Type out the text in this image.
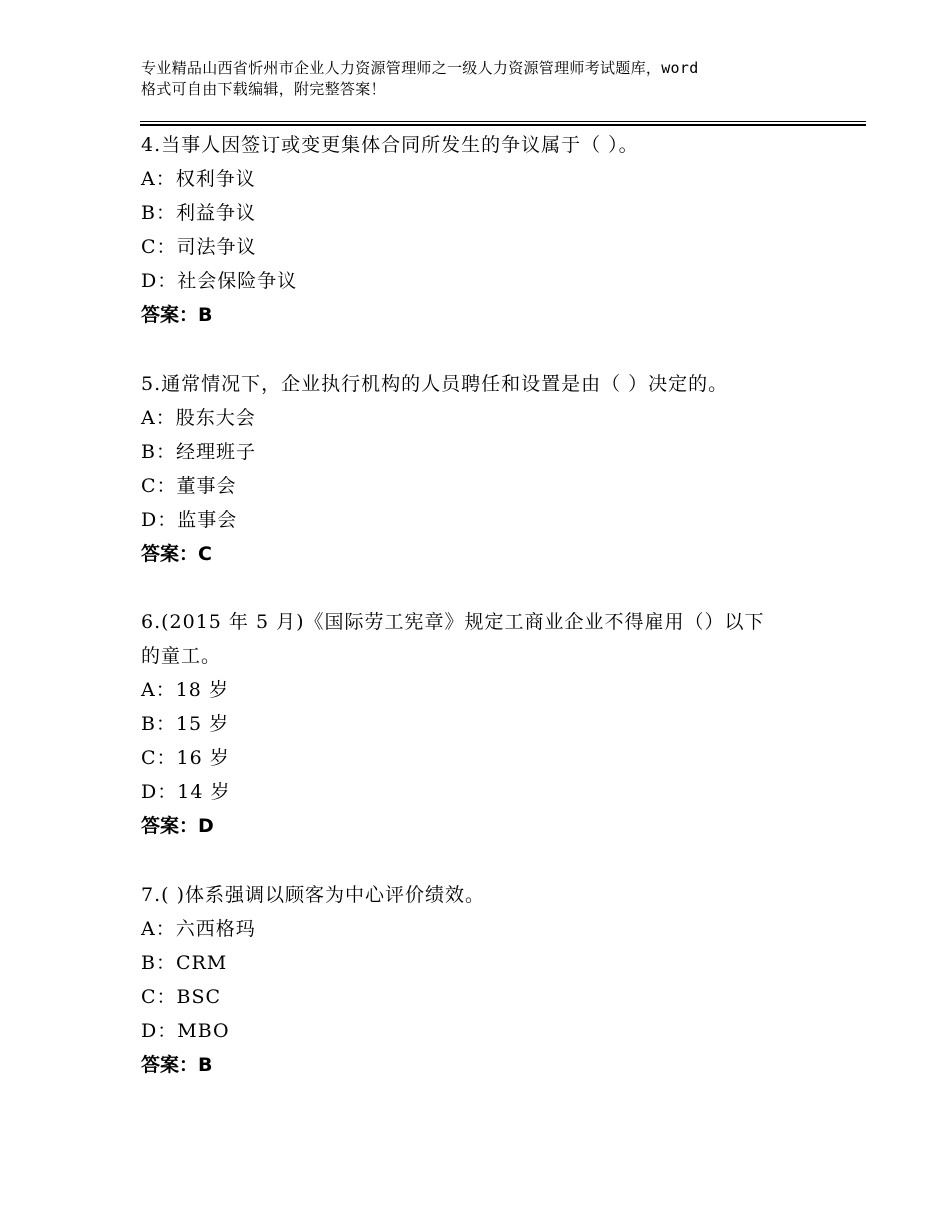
专业精品山西省忻州市企业人力资源管理师之一级人力资源管理师考试题库，word
格式可自由下载编辑，附完整答案！

4.当事人因签订或变更集体合同所发生的争议属于（ ）。

A：权利争议

B：利益争议

C：司法争议

D：社会保险争议

答案：B

5.通常情况下，企业执行机构的人员聘任和设置是由（ ）决定的。

A：股东大会

B：经理班子

C：董事会

D：监事会

答案：C

6.(2015 年 5 月)《国际劳工宪章》规定工商业企业不得雇用（）以下

的童工。

A：18 岁

B：15 岁

C：16 岁

D：14 岁

答案：D

7.( )体系强调以顾客为中心评价绩效。

A：六西格玛

B：CRM

C：BSC

D：MBO

答案：B
